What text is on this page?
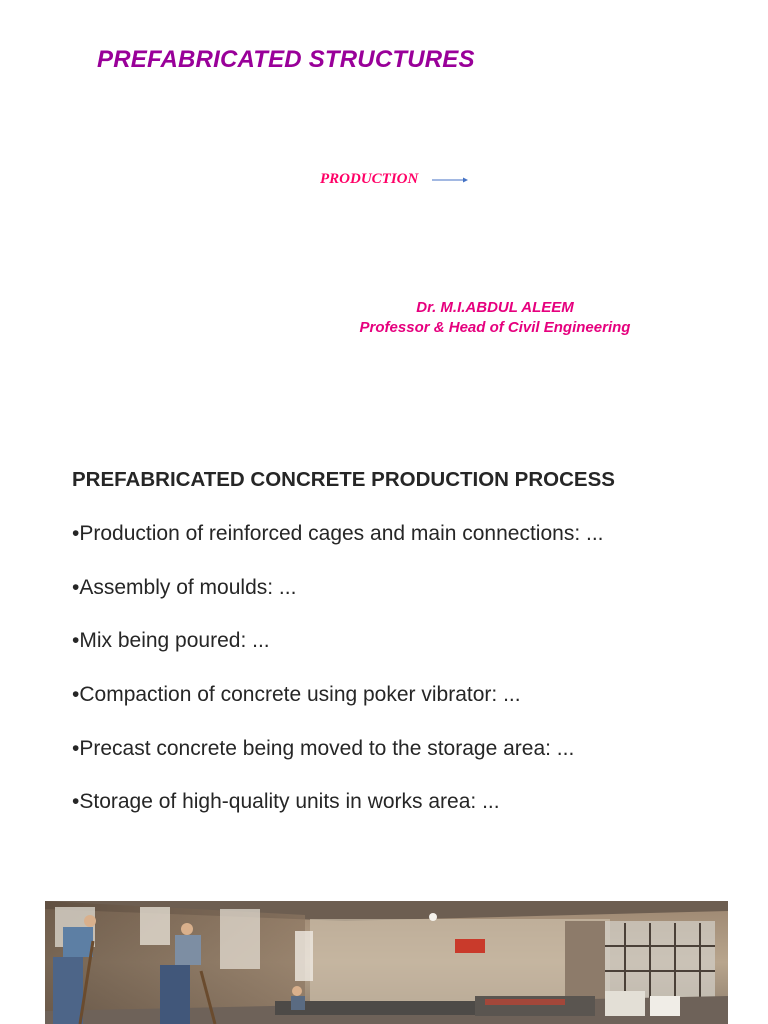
PREFABRICATED STRUCTURES
PRODUCTION
Dr. M.I.ABDUL ALEEM
Professor & Head of Civil Engineering
PREFABRICATED CONCRETE PRODUCTION PROCESS
•Production of reinforced cages and main connections: ...
•Assembly of moulds: ...
•Mix being poured: ...
•Compaction of concrete using poker vibrator: ...
•Precast concrete being moved to the storage area: ...
•Storage of high-quality units in works area: ...
